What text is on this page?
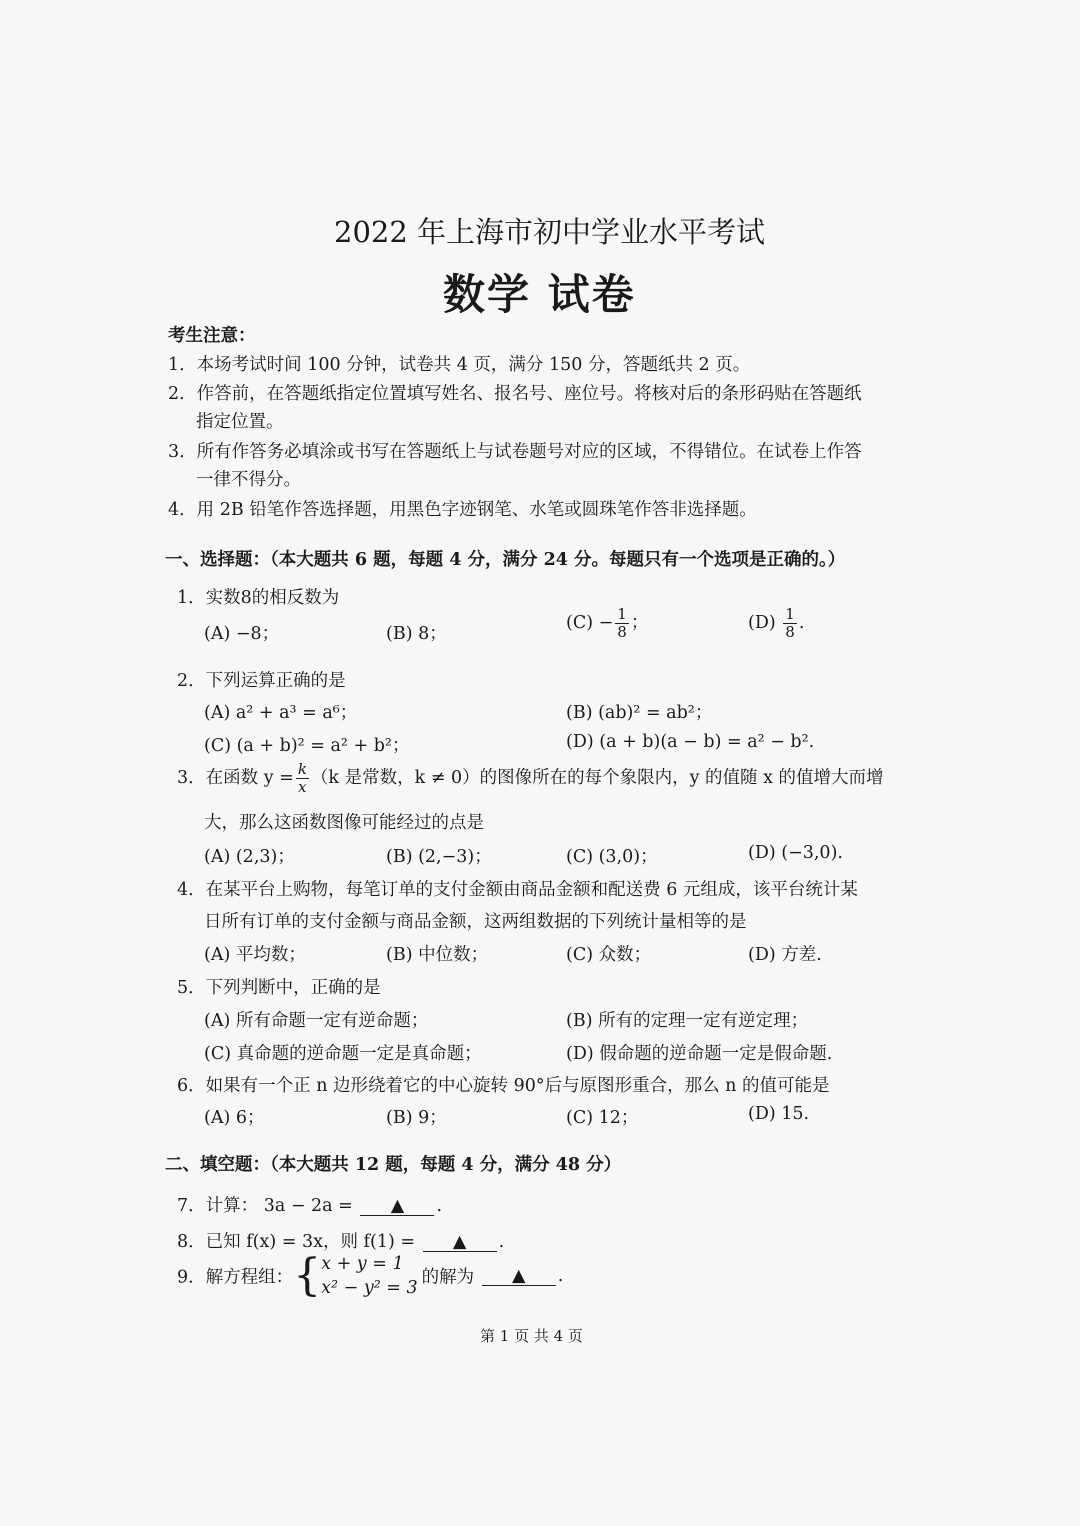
2022 年上海市初中学业水平考试
数学 试卷
考生注意：
1．本场考试时间 100 分钟，试卷共 4 页，满分 150 分，答题纸共 2 页。
2．作答前，在答题纸指定位置填写姓名、报名号、座位号。将核对后的条形码贴在答题纸
指定位置。
3．所有作答务必填涂或书写在答题纸上与试卷题号对应的区域，不得错位。在试卷上作答
一律不得分。
4．用 2B 铅笔作答选择题，用黑色字迹钢笔、水笔或圆珠笔作答非选择题。
一、选择题：（本大题共 6 题，每题 4 分，满分 24 分。每题只有一个选项是正确的。）
1．实数8的相反数为
(A) −8；	(B) 8；
$(C) - \frac{1}{8}$ ；	$(D) \frac{1}{8}$ .
2．下列运算正确的是
(A) a² + a³ = a⁶；	(B) (ab)² = ab²；
(C) (a + b)² = a² + b²；	(D) (a + b)(a − b) = a² − b².
3．在函数 $y = \frac{k}{x} (k$ 是常数，k ≠ 0）的图像所在的每个象限内，y 的值随 x 的值增大而增
大，那么这函数图像可能经过的点是
(A) (2,3)；	(B) (2,−3)；	(C) (3,0)；	(D) (−3,0).
4．在某平台上购物，每笔订单的支付金额由商品金额和配送费 6 元组成，该平台统计某
日所有订单的支付金额与商品金额，这两组数据的下列统计量相等的是
(A) 平均数；	(B) 中位数；	(C) 众数；	(D) 方差.
5．下列判断中，正确的是
(A) 所有命题一定有逆命题；	(B) 所有的定理一定有逆定理；
(C) 真命题的逆命题一定是真命题；	(D) 假命题的逆命题一定是假命题.
6．如果有一个正 n 边形绕着它的中心旋转 90°后与原图形重合，那么 n 的值可能是
(A) 6；	(B) 9；	(C) 12；	(D) 15.
二、填空题：（本大题共 12 题，每题 4 分，满分 48 分）
7．计算： 3a − 2a = ▲ .
8．已知 f(x) = 3x，则 f(1) = ▲ .
9．解方程组：{ x + y = 1
x² − y² = 3
的解为 ▲ .
第 1 页 共 4 页
